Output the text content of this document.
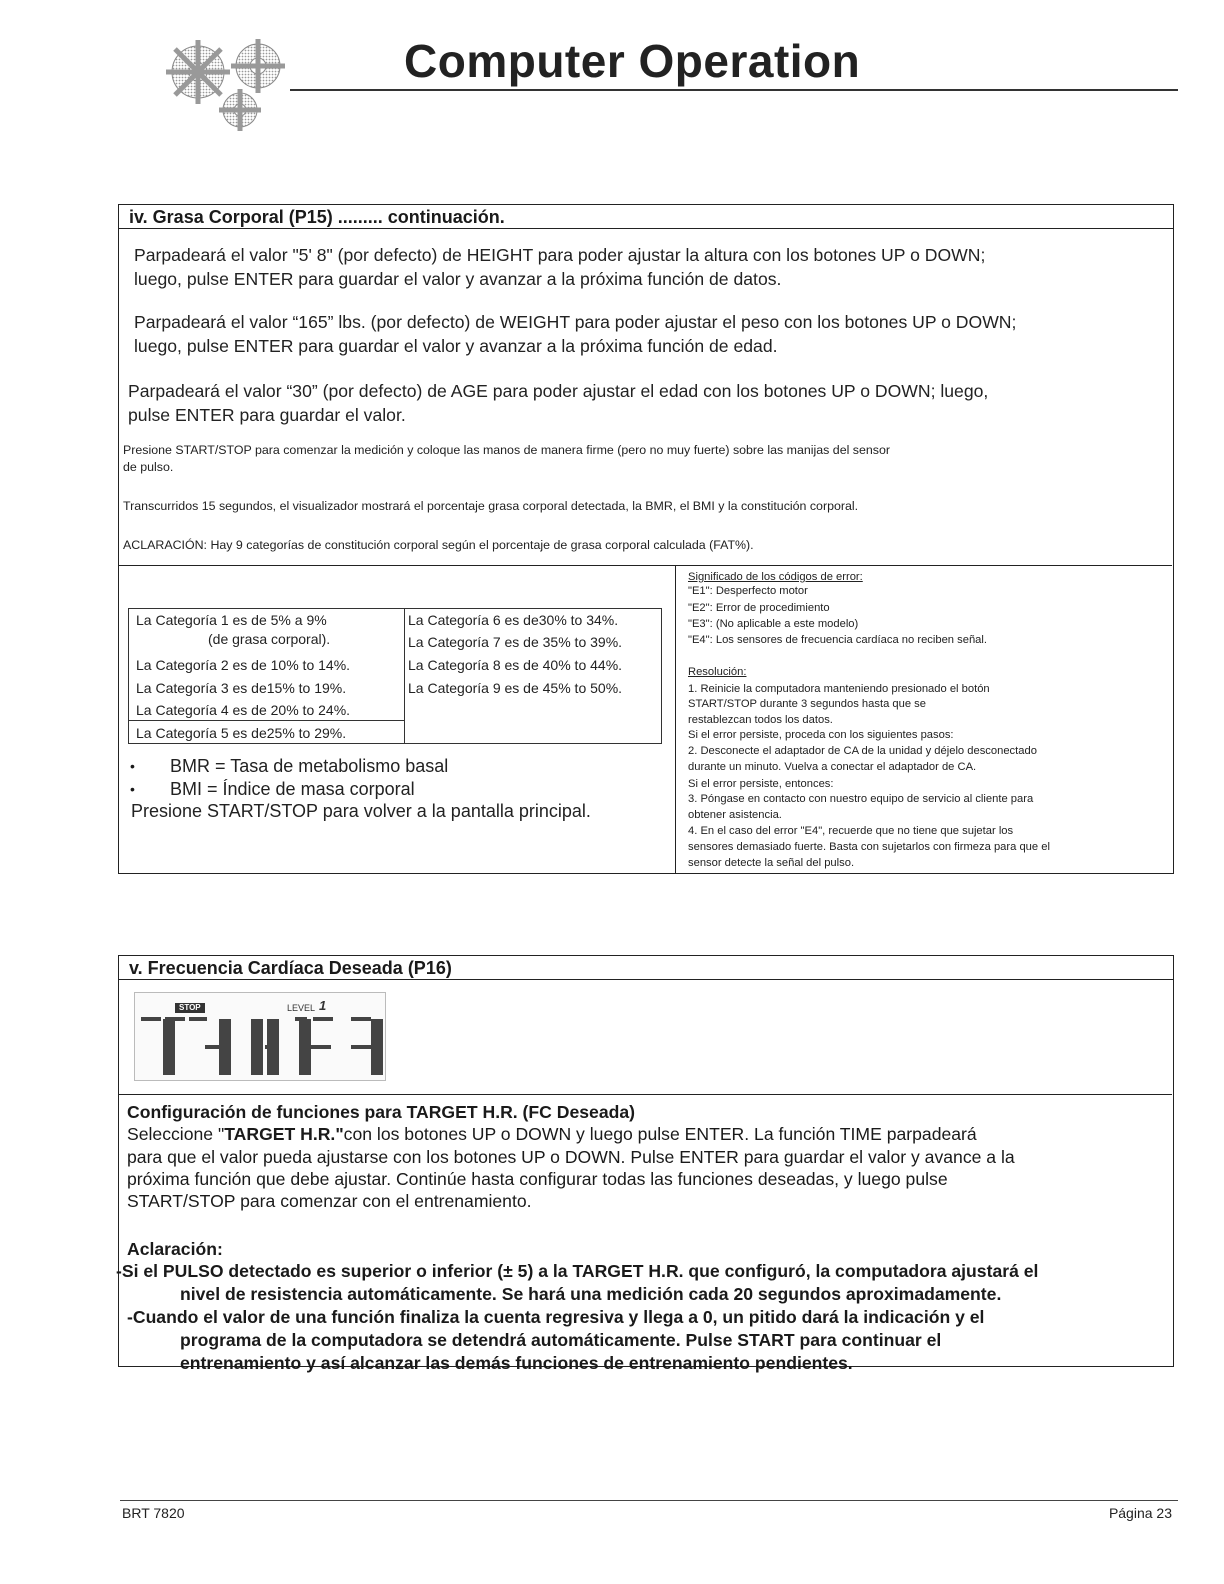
Computer Operation
iv. Grasa Corporal (P15) ......... continuación.
Parpadeará el valor "5' 8" (por defecto) de HEIGHT para poder ajustar la altura con los botones UP o DOWN;
luego, pulse ENTER para guardar el valor y avanzar a la próxima función de datos.
Parpadeará el valor “165” lbs. (por defecto) de WEIGHT para poder ajustar el peso con los botones UP o DOWN;
luego, pulse ENTER para guardar el valor y avanzar a la próxima función de edad.
Parpadeará el valor “30” (por defecto) de AGE para poder ajustar el edad con los botones UP o DOWN; luego,
pulse ENTER para guardar el valor.
Presione START/STOP para comenzar la medición y coloque las manos de manera firme (pero no muy fuerte) sobre las manijas del sensor
de pulso.
Transcurridos 15 segundos, el visualizador mostrará el porcentaje grasa corporal detectada, la BMR, el BMI y la constitución corporal.
ACLARACIÓN: Hay 9 categorías de constitución corporal según el porcentaje de grasa corporal calculada (FAT%).
La Categoría 1 es de 5% a 9%
(de grasa corporal).
La Categoría 2 es de 10% to 14%.
La Categoría 3 es de15% to 19%.
La Categoría 4 es de 20% to 24%.
La Categoría 5 es de25% to 29%.
La Categoría 6 es de30% to 34%.
La Categoría 7 es de 35% to 39%.
La Categoría 8 es de 40% to 44%.
La Categoría 9 es de 45% to 50%.
• BMR = Tasa de metabolismo basal
• BMI = Índice de masa corporal
Presione START/STOP para volver a la pantalla principal.
Significado de los códigos de error:
"E1": Desperfecto motor
"E2": Error de procedimiento
"E3": (No aplicable a este modelo)
"E4": Los sensores de frecuencia cardíaca no reciben señal.
Resolución:
1. Reinicie la computadora manteniendo presionado el botón
START/STOP durante 3 segundos hasta que se
restablezcan todos los datos.
Si el error persiste, proceda con los siguientes pasos:
2. Desconecte el adaptador de CA de la unidad y déjelo desconectado
durante un minuto. Vuelva a conectar el adaptador de CA.
Si el error persiste, entonces:
3. Póngase en contacto con nuestro equipo de servicio al cliente para
obtener asistencia.
4. En el caso del error "E4", recuerde que no tiene que sujetar los
sensores demasiado fuerte. Basta con sujetarlos con firmeza para que el
sensor detecte la señal del pulso.
v. Frecuencia Cardíaca Deseada (P16)
STOP	LEVEL 1
Configuración de funciones para TARGET H.R. (FC Deseada)
Seleccione "TARGET H.R."con los botones UP o DOWN y luego pulse ENTER. La función TIME parpadeará
para que el valor pueda ajustarse con los botones UP o DOWN. Pulse ENTER para guardar el valor y avance a la
próxima función que debe ajustar. Continúe hasta configurar todas las funciones deseadas, y luego pulse
START/STOP para comenzar con el entrenamiento.
Aclaración:
-Si el PULSO detectado es superior o inferior (± 5) a la TARGET H.R. que configuró, la computadora ajustará el
nivel de resistencia automáticamente. Se hará una medición cada 20 segundos aproximadamente.
-Cuando el valor de una función finaliza la cuenta regresiva y llega a 0, un pitido dará la indicación y el
programa de la computadora se detendrá automáticamente. Pulse START para continuar el
entrenamiento y así alcanzar las demás funciones de entrenamiento pendientes.
BRT 7820	Página 23
